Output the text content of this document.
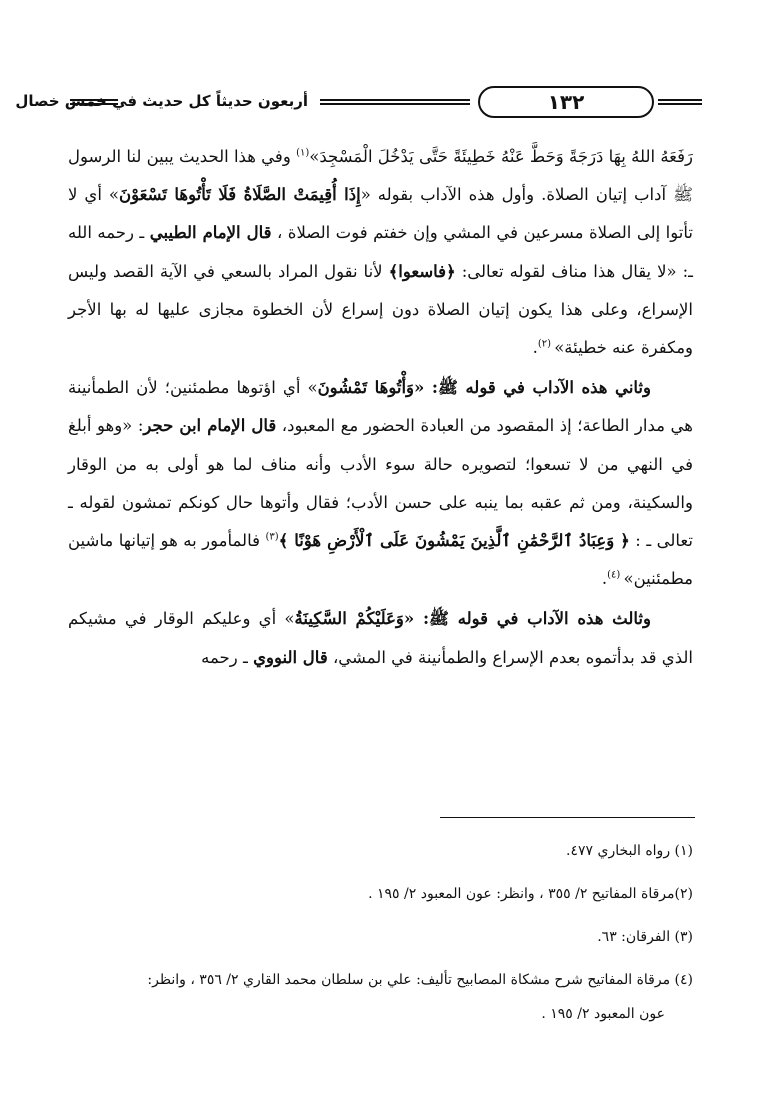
١٣٢
أربعون حديثاً كل حديث في خمس خصال

رَفَعَهُ اللهُ بِهَا دَرَجَةً وَحَطَّ عَنْهُ خَطِيئَةً حَتَّى يَدْخُلَ الْمَسْجِدَ»$^{(١)}$ وفي هذا الحديث يبين لنا الرسول ﷺ آداب إتيان الصلاة. وأول هذه الآداب بقوله «إِذَا أُقِيمَتْ الصَّلَاةُ فَلَا تَأْتُوهَا تَسْعَوْنَ» أي لا تأتوا إلى الصلاة مسرعين في المشي وإن خفتم فوت الصلاة ، قال الإمام الطيبي ـ رحمه الله ـ: «لا يقال هذا مناف لقوله تعالى: ﴿فاسعوا﴾ لأنا نقول المراد بالسعي في الآية القصد وليس الإسراع، وعلى هذا يكون إتيان الصلاة دون إسراع لأن الخطوة مجازى عليها له بها الأجر ومكفرة عنه خطيئة» $^{(٢)}$.

وثاني هذه الآداب في قوله ﷺ: «وَأْتُوهَا تَمْشُونَ» أي اؤتوها مطمئنين؛ لأن الطمأنينة هي مدار الطاعة؛ إذ المقصود من العبادة الحضور مع المعبود، قال الإمام ابن حجر: «وهو أبلغ في النهي من لا تسعوا؛ لتصويره حالة سوء الأدب وأنه مناف لما هو أولى به من الوقار والسكينة، ومن ثم عقبه بما ينبه على حسن الأدب؛ فقال وأتوها حال كونكم تمشون لقوله ـ تعالى ـ : ﴿ وَعِبَادُ ٱلرَّحْمَٰنِ ٱلَّذِينَ يَمْشُونَ عَلَى ٱلْأَرْضِ هَوْنًا ﴾$^{(٣)}$ فالمأمور به هو إتيانها ماشين مطمئنين» $^{(٤)}$.

وثالث هذه الآداب في قوله ﷺ: «وَعَلَيْكُمْ السَّكِينَةُ» أي وعليكم الوقار في مشيكم الذي قد بدأتموه بعدم الإسراع والطمأنينة في المشي، قال النووي ـ رحمه

(١) رواه البخاري ٤٧٧.

(٢)مرقاة المفاتيح ٢/ ٣٥٥ ، وانظر: عون المعبود ٢/ ١٩٥ .

(٣) الفرقان: ٦٣.

(٤) مرقاة المفاتيح شرح مشكاة المصابيح تأليف: علي بن سلطان محمد القاري ٢/ ٣٥٦ ، وانظر:
عون المعبود ٢/ ١٩٥ .
